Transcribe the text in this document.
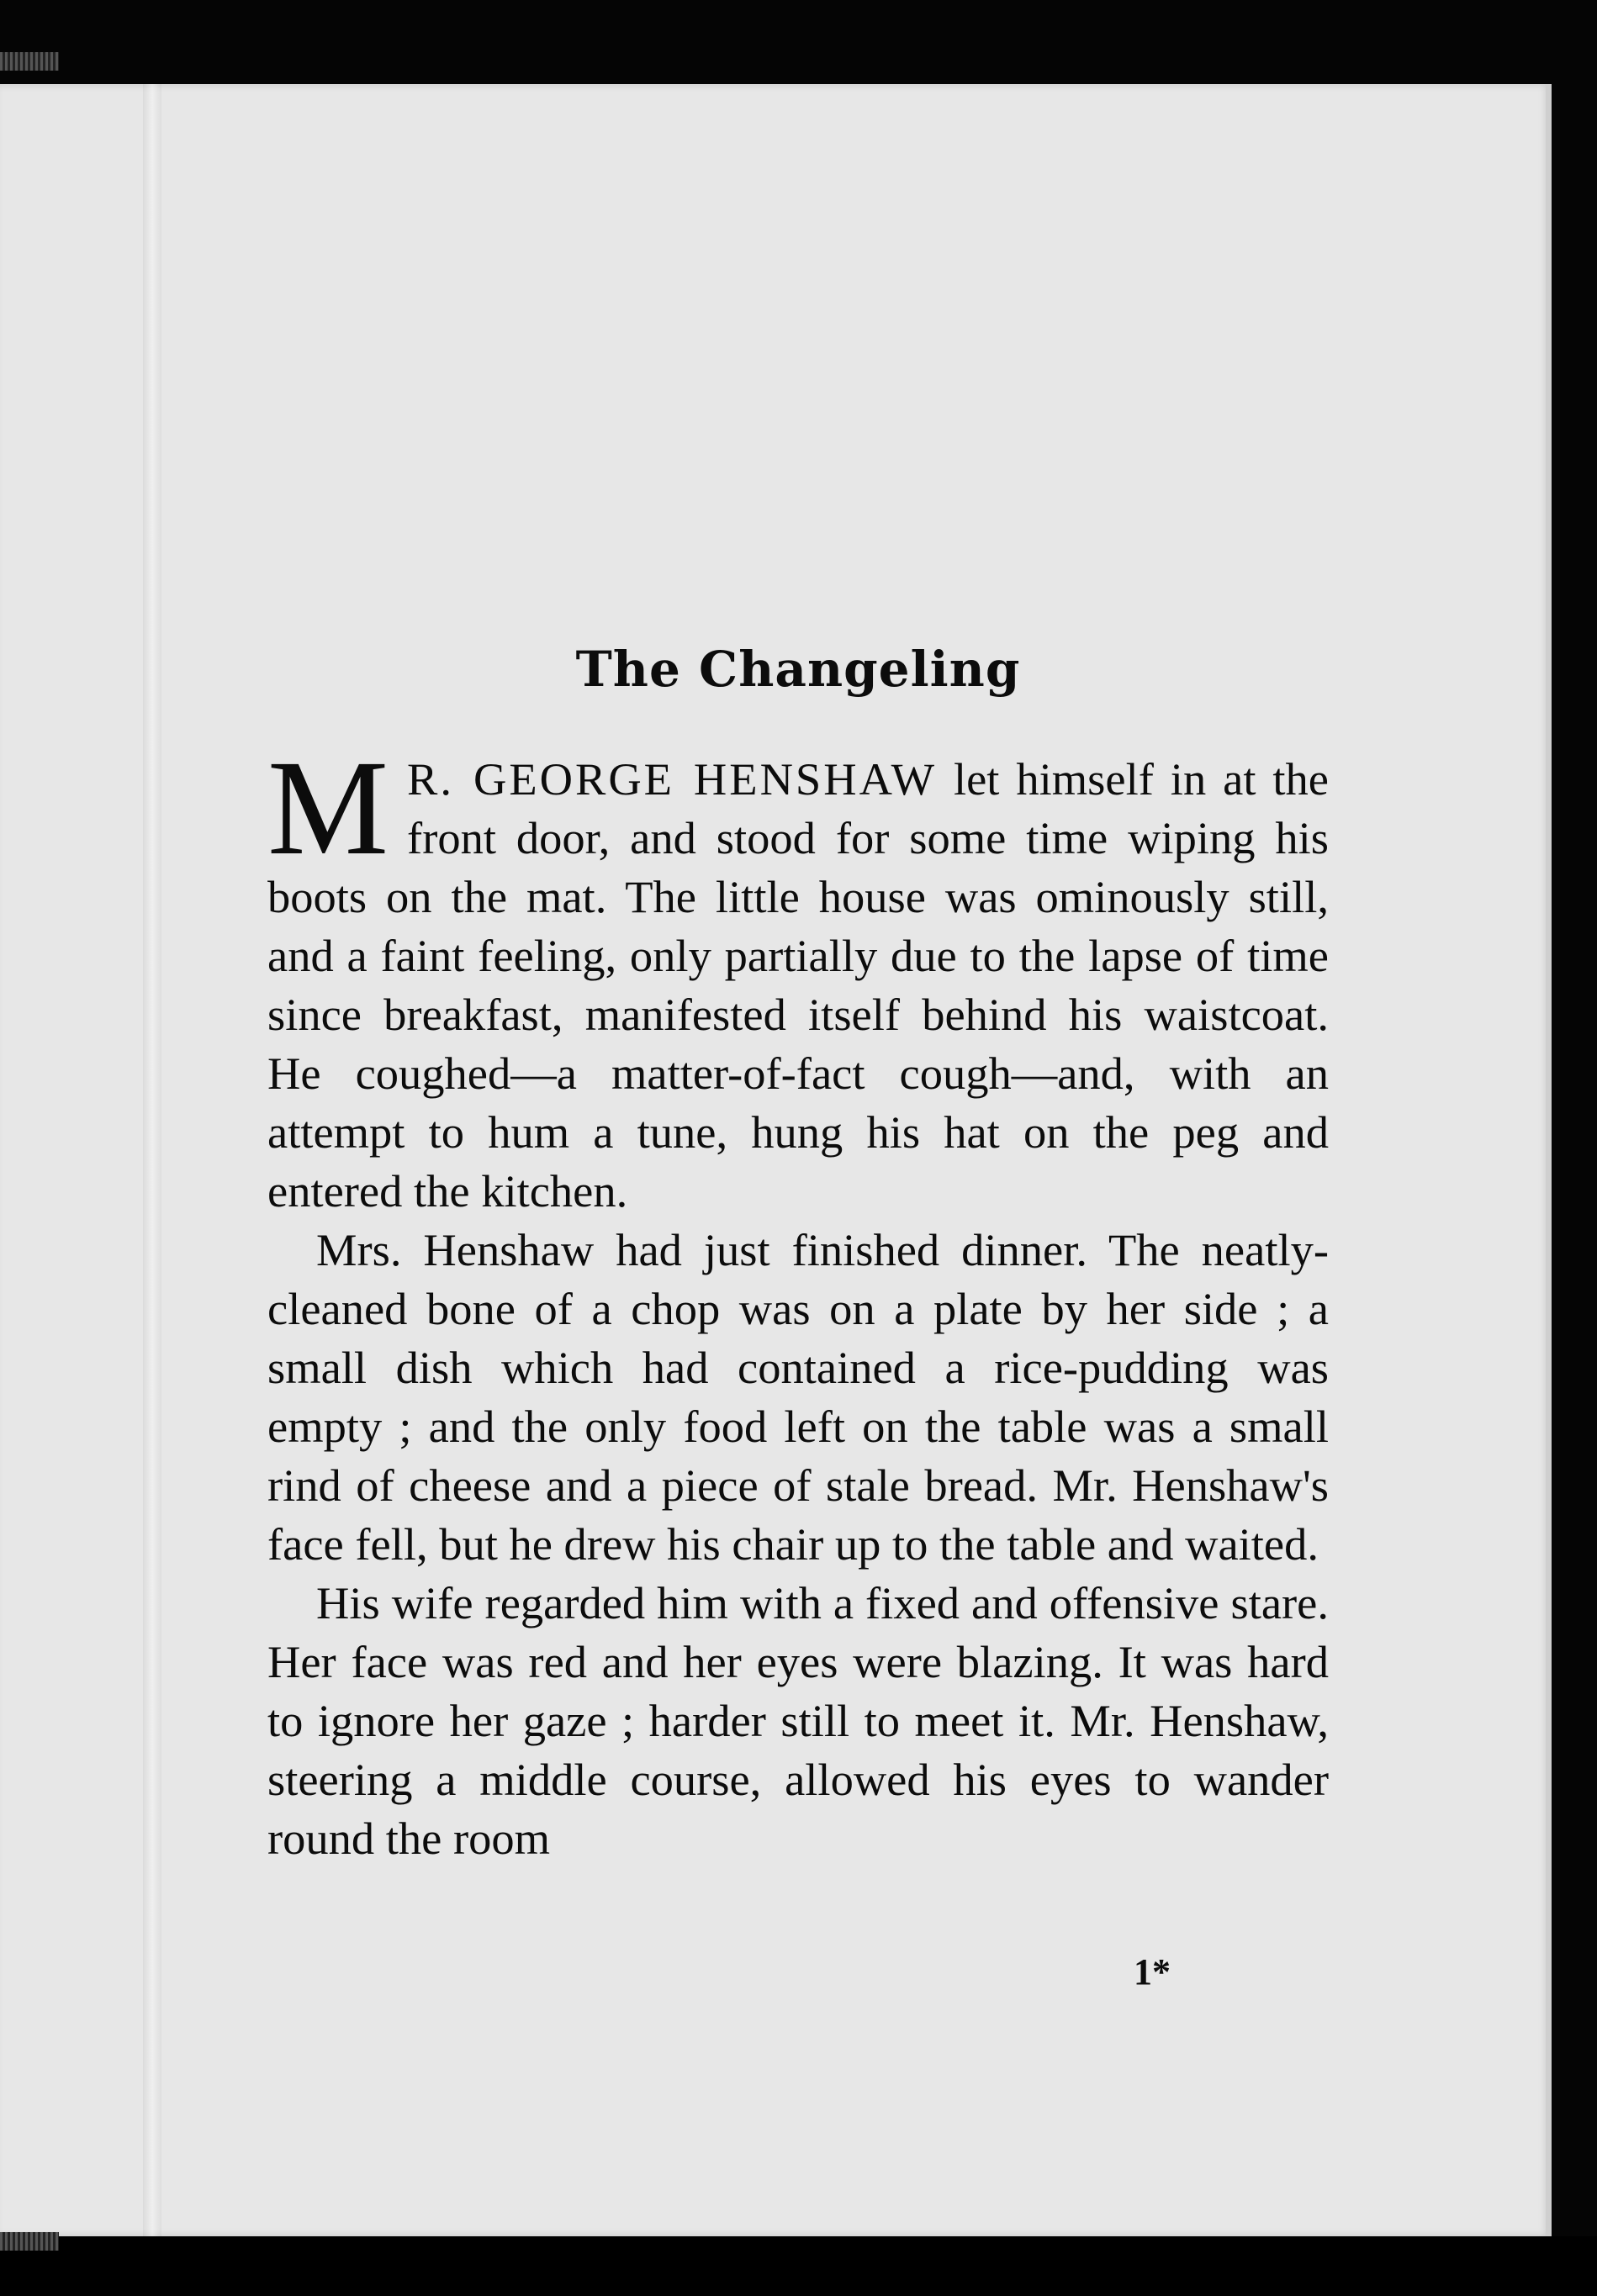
The Changeling

M R. GEORGE HENSHAW let himself in at the front door, and stood for some time wiping his boots on the mat. The little house was ominously still, and a faint feeling, only partially due to the lapse of time since breakfast, manifested itself behind his waistcoat. He coughed—a matter-of-fact cough—and, with an attempt to hum a tune, hung his hat on the peg and entered the kitchen.

Mrs. Henshaw had just finished dinner. The neatly-cleaned bone of a chop was on a plate by her side ; a small dish which had contained a rice-pudding was empty ; and the only food left on the table was a small rind of cheese and a piece of stale bread. Mr. Henshaw's face fell, but he drew his chair up to the table and waited.

His wife regarded him with a fixed and offensive stare. Her face was red and her eyes were blazing. It was hard to ignore her gaze ; harder still to meet it. Mr. Henshaw, steering a middle course, allowed his eyes to wander round the room

1*
